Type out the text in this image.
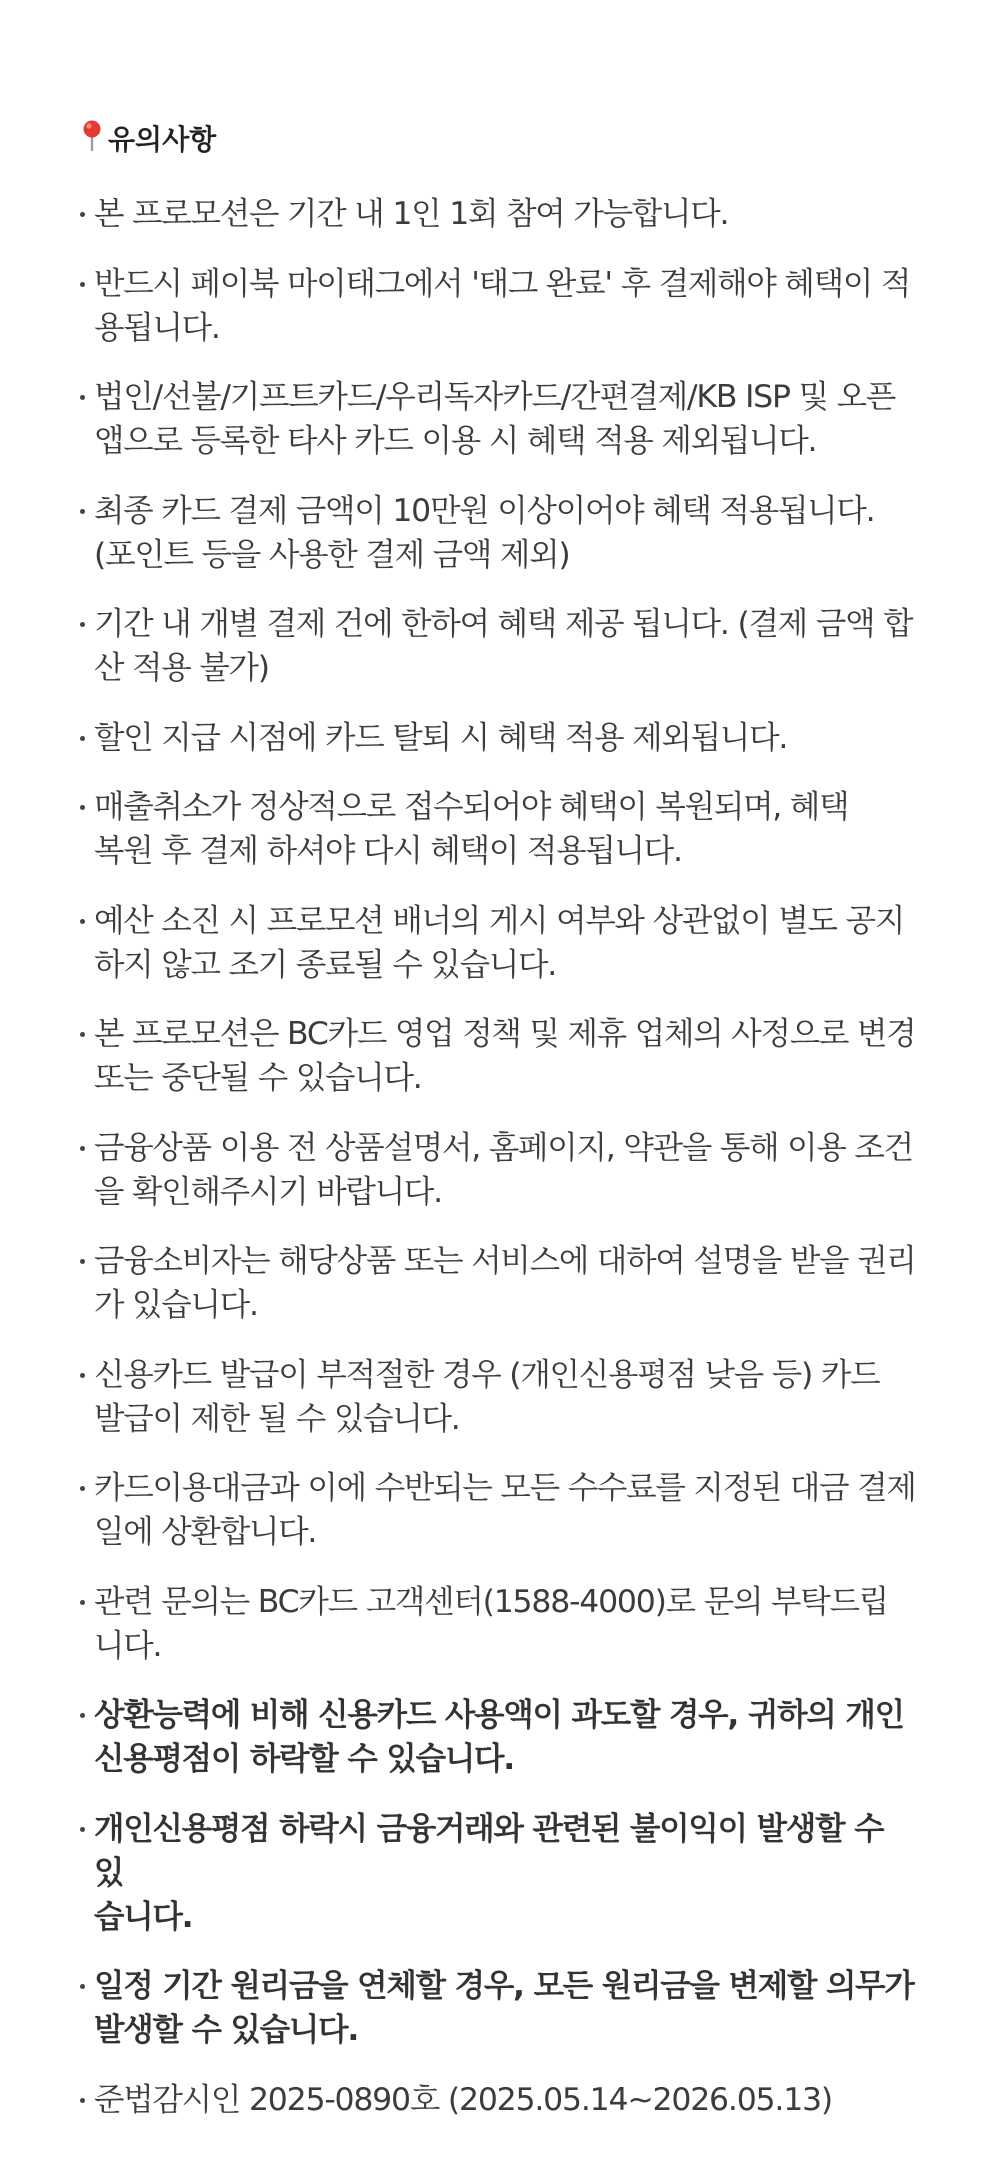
유의사항
본 프로모션은 기간 내 1인 1회 참여 가능합니다.
반드시 페이북 마이태그에서 '태그 완료' 후 결제해야 혜택이 적
용됩니다.
법인/선불/기프트카드/우리독자카드/간편결제/KB ISP 및 오픈
앱으로 등록한 타사 카드 이용 시 혜택 적용 제외됩니다.
최종 카드 결제 금액이 10만원 이상이어야 혜택 적용됩니다.
(포인트 등을 사용한 결제 금액 제외)
기간 내 개별 결제 건에 한하여 혜택 제공 됩니다. (결제 금액 합
산 적용 불가)
할인 지급 시점에 카드 탈퇴 시 혜택 적용 제외됩니다.
매출취소가 정상적으로 접수되어야 혜택이 복원되며, 혜택
복원 후 결제 하셔야 다시 혜택이 적용됩니다.
예산 소진 시 프로모션 배너의 게시 여부와 상관없이 별도 공지
하지 않고 조기 종료될 수 있습니다.
본 프로모션은 BC카드 영업 정책 및 제휴 업체의 사정으로 변경
또는 중단될 수 있습니다.
금융상품 이용 전 상품설명서, 홈페이지, 약관을 통해 이용 조건
을 확인해주시기 바랍니다.
금융소비자는 해당상품 또는 서비스에 대하여 설명을 받을 권리
가 있습니다.
신용카드 발급이 부적절한 경우 (개인신용평점 낮음 등) 카드
발급이 제한 될 수 있습니다.
카드이용대금과 이에 수반되는 모든 수수료를 지정된 대금 결제
일에 상환합니다.
관련 문의는 BC카드 고객센터(1588-4000)로 문의 부탁드립
니다.
상환능력에 비해 신용카드 사용액이 과도할 경우, 귀하의 개인
신용평점이 하락할 수 있습니다.
개인신용평점 하락시 금융거래와 관련된 불이익이 발생할 수 있
습니다.
일정 기간 원리금을 연체할 경우, 모든 원리금을 변제할 의무가
발생할 수 있습니다.
준법감시인 2025-0890호 (2025.05.14~2026.05.13)
